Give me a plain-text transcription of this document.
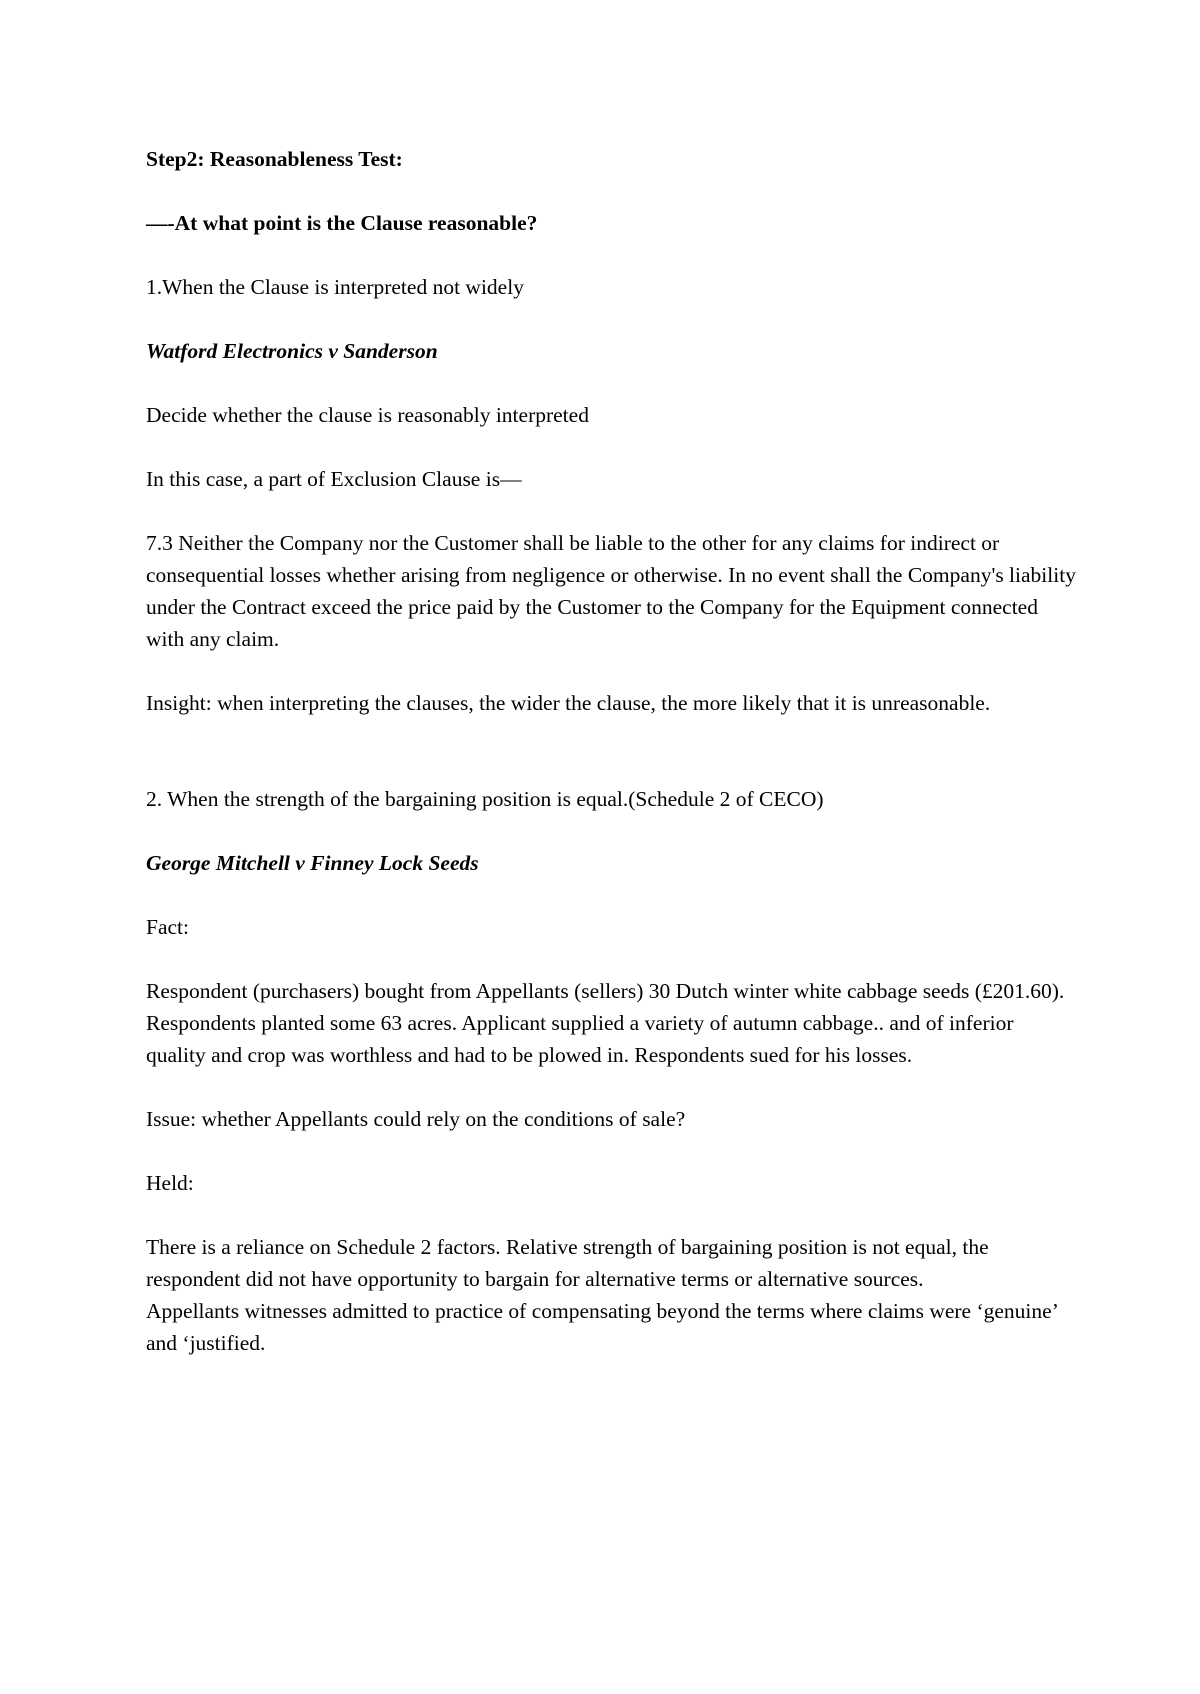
Step2: Reasonableness Test:

—-At what point is the Clause reasonable?

1.When the Clause is interpreted not widely

Watford Electronics v Sanderson

Decide whether the clause is reasonably interpreted

In this case, a part of Exclusion Clause is—

7.3 Neither the Company nor the Customer shall be liable to the other for any claims for indirect or consequential losses whether arising from negligence or otherwise. In no event shall the Company's liability under the Contract exceed the price paid by the Customer to the Company for the Equipment connected with any claim.

Insight: when interpreting the clauses, the wider the clause, the more likely that it is unreasonable.

2. When the strength of the bargaining position is equal.(Schedule 2 of CECO)

George Mitchell v Finney Lock Seeds

Fact:

Respondent (purchasers) bought from Appellants (sellers) 30 Dutch winter white cabbage seeds (£201.60). Respondents planted some 63 acres. Applicant supplied a variety of autumn cabbage.. and of inferior quality and crop was worthless and had to be plowed in. Respondents sued for his losses.

Issue: whether Appellants could rely on the conditions of sale?

Held:

There is a reliance on Schedule 2 factors. Relative strength of bargaining position is not equal, the respondent did not have opportunity to bargain for alternative terms or alternative sources.

Appellants witnesses admitted to practice of compensating beyond the terms where claims were ‘genuine’ and ‘justified.
